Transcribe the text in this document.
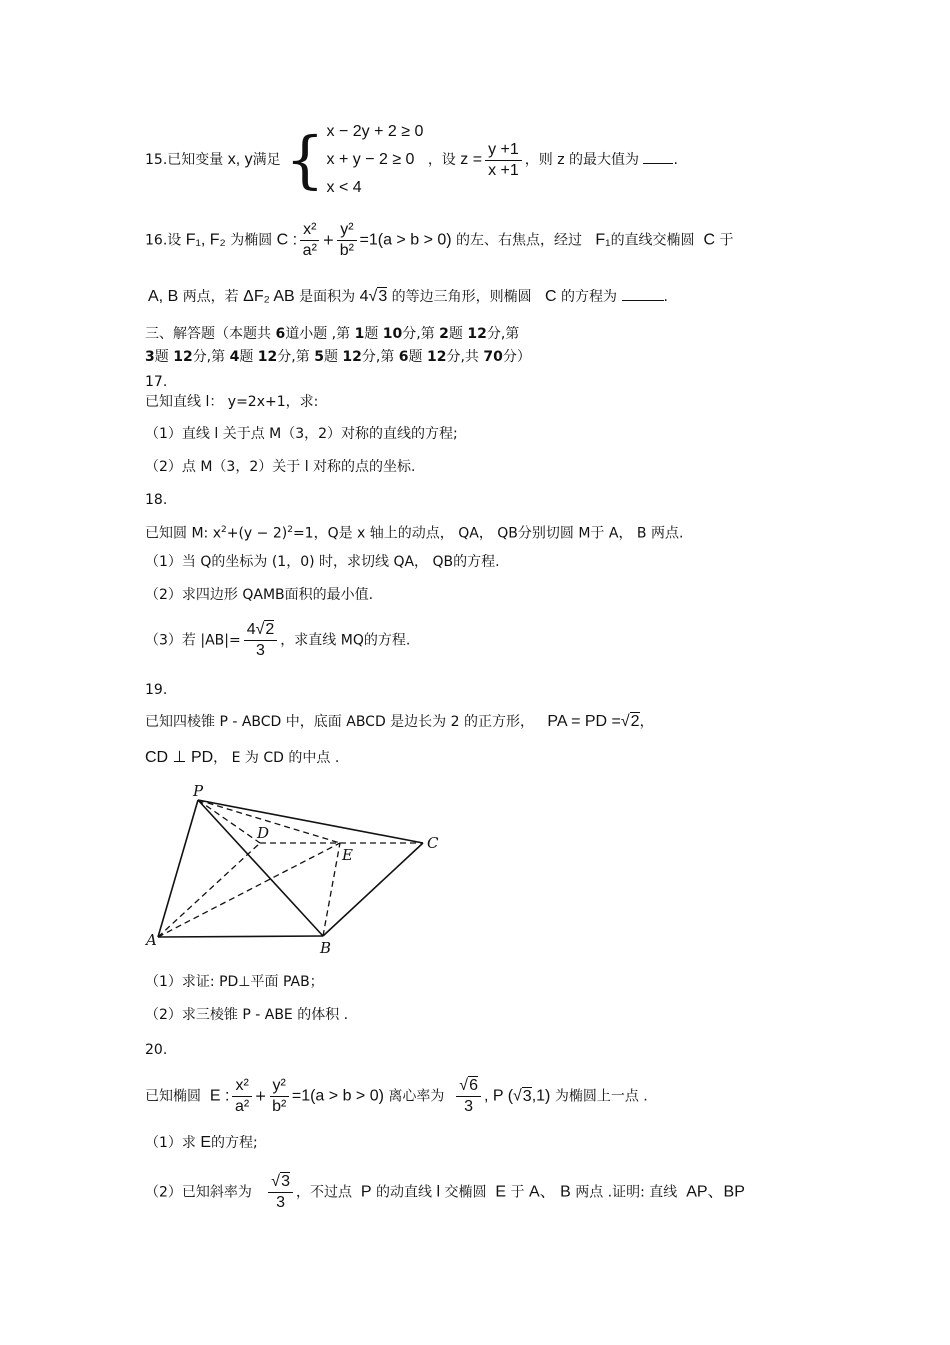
15.已知变量 x, y满足 { x − 2y + 2 ≥ 0
x + y − 2 ≥ 0
x < 4
，设 $z = \frac{y +1}{x +1}$ ，则 z 的最大值为 .
16.设 F₁, F₂ 为椭圆 C : $\frac{\text{x²}}{\text{a²}} + \frac{\text{y²}}{\text{b²}} =1(a > b > 0)$ 的左、右焦点，经过 F₁的直线交椭圆 C 于
A, B 两点，若 ΔF₂ AB 是面积为 4√3 的等边三角形，则椭圆 C 的方程为	.
三、解答题（本题共 6道小题 ,第 1题 10分,第 2题 12分,第
3题 12分,第 4题 12分,第 5题 12分,第 6题 12分,共 70分）
17.
已知直线 l： y=2x+1，求:
（1）直线 l 关于点 M（3，2）对称的直线的方程;
（2）点 M（3，2）关于 l 对称的点的坐标.
18.
已知圆 M: $x^2+(y - 2)^2=1$，Q是 x 轴上的动点， QA， QB分别切圆 M于 A， B 两点.
（1）当 Q的坐标为 (1，0) 时，求切线 QA， QB的方程.
（2）求四边形 QAMB面积的最小值.
（3）若 $|AB|= \frac{4√2}{3}$ ，求直线 MQ的方程.
19.
已知四棱锥 P - ABCD 中，底面 ABCD 是边长为 2 的正方形， PA = PD =√2，
CD ⊥ PD， E 为 CD 的中点 .
P
D
E
C
A	B
（1）求证: PD⊥平面 PAB；
（2）求三棱锥 P - ABE 的体积 .
20.
已知椭圆 E : $\frac{\text{x²}}{\text{a²}} + \frac{\text{y²}}{\text{b²}} =1(a > b > 0)$ 离心率为 $\frac{√6}{3}$ , P (√3,1) 为椭圆上一点 .
（1）求 E的方程;
（2）已知斜率为 $\frac{√3}{3}$ ，不过点 P 的动直线 l 交椭圆 E 于 A、 B 两点 .证明: 直线 AP、BP
